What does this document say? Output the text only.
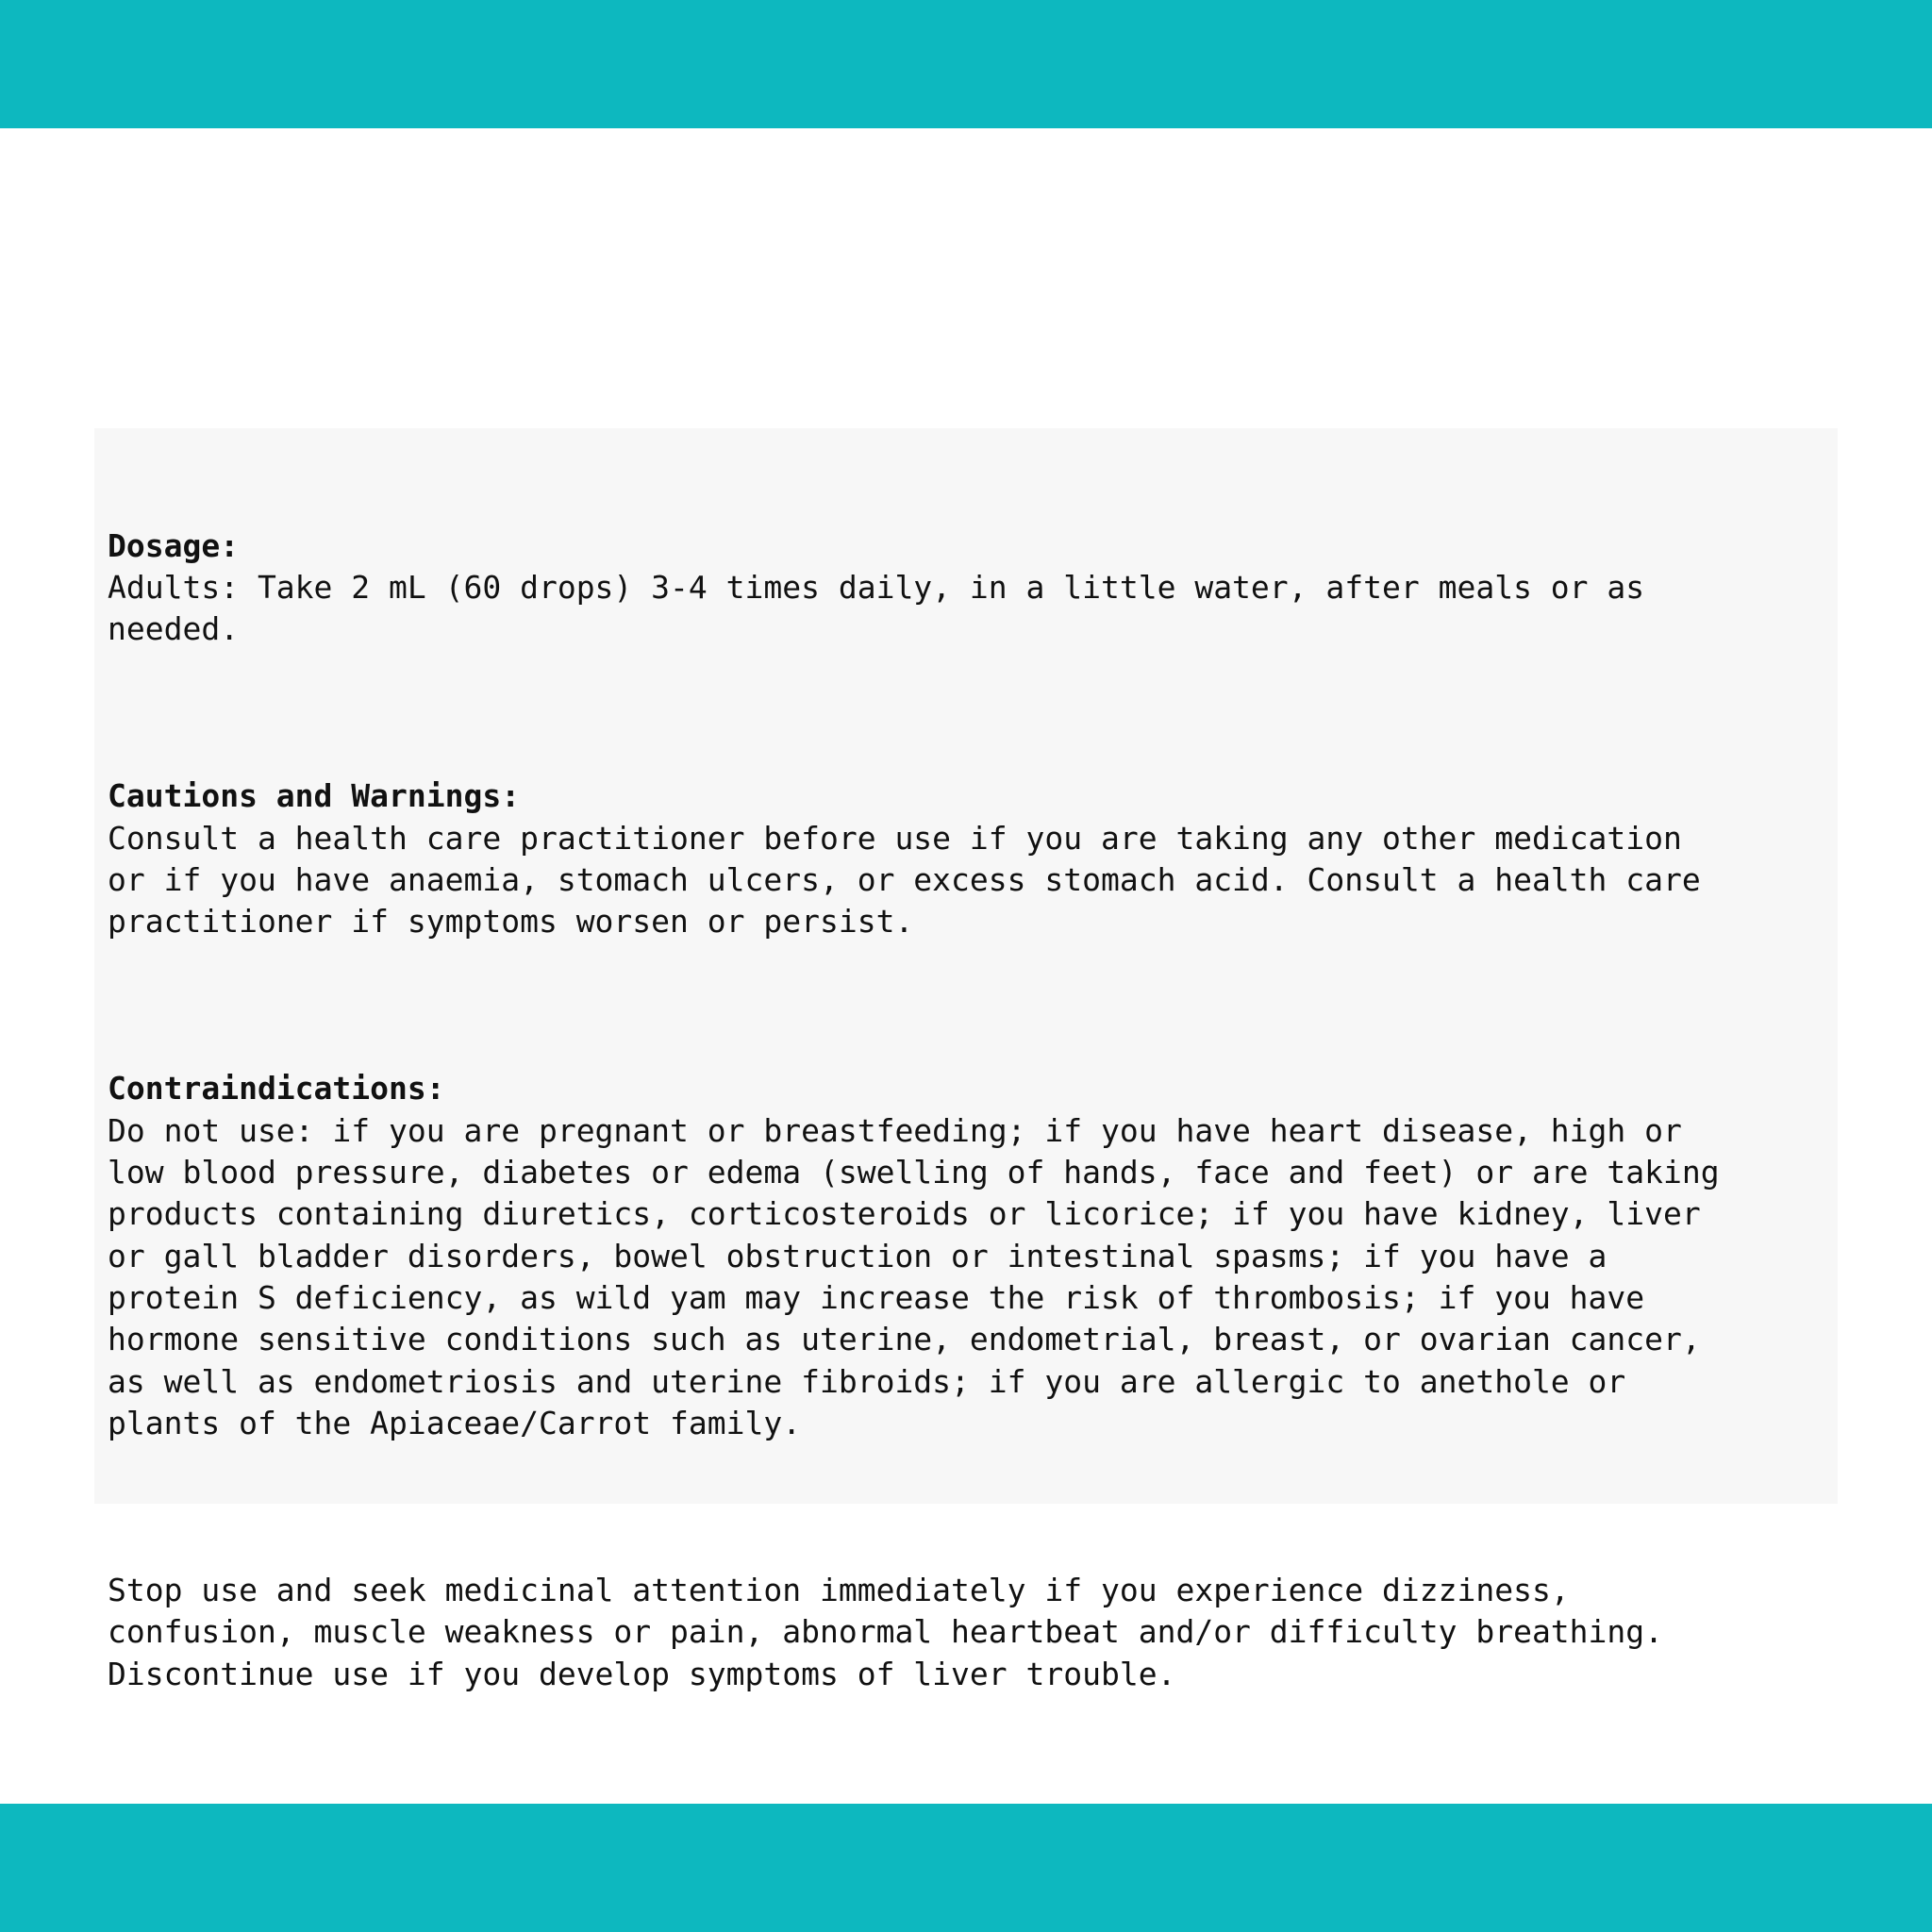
Dosage:
Adults: Take 2 mL (60 drops) 3-4 times daily, in a little water, after meals or as
needed.

Cautions and Warnings:
Consult a health care practitioner before use if you are taking any other medication
or if you have anaemia, stomach ulcers, or excess stomach acid. Consult a health care
practitioner if symptoms worsen or persist.

Contraindications:
Do not use: if you are pregnant or breastfeeding; if you have heart disease, high or
low blood pressure, diabetes or edema (swelling of hands, face and feet) or are taking
products containing diuretics, corticosteroids or licorice; if you have kidney, liver
or gall bladder disorders, bowel obstruction or intestinal spasms; if you have a
protein S deficiency, as wild yam may increase the risk of thrombosis; if you have
hormone sensitive conditions such as uterine, endometrial, breast, or ovarian cancer,
as well as endometriosis and uterine fibroids; if you are allergic to anethole or
plants of the Apiaceae/Carrot family.

Stop use and seek medicinal attention immediately if you experience dizziness,
confusion, muscle weakness or pain, abnormal heartbeat and/or difficulty breathing.
Discontinue use if you develop symptoms of liver trouble.
